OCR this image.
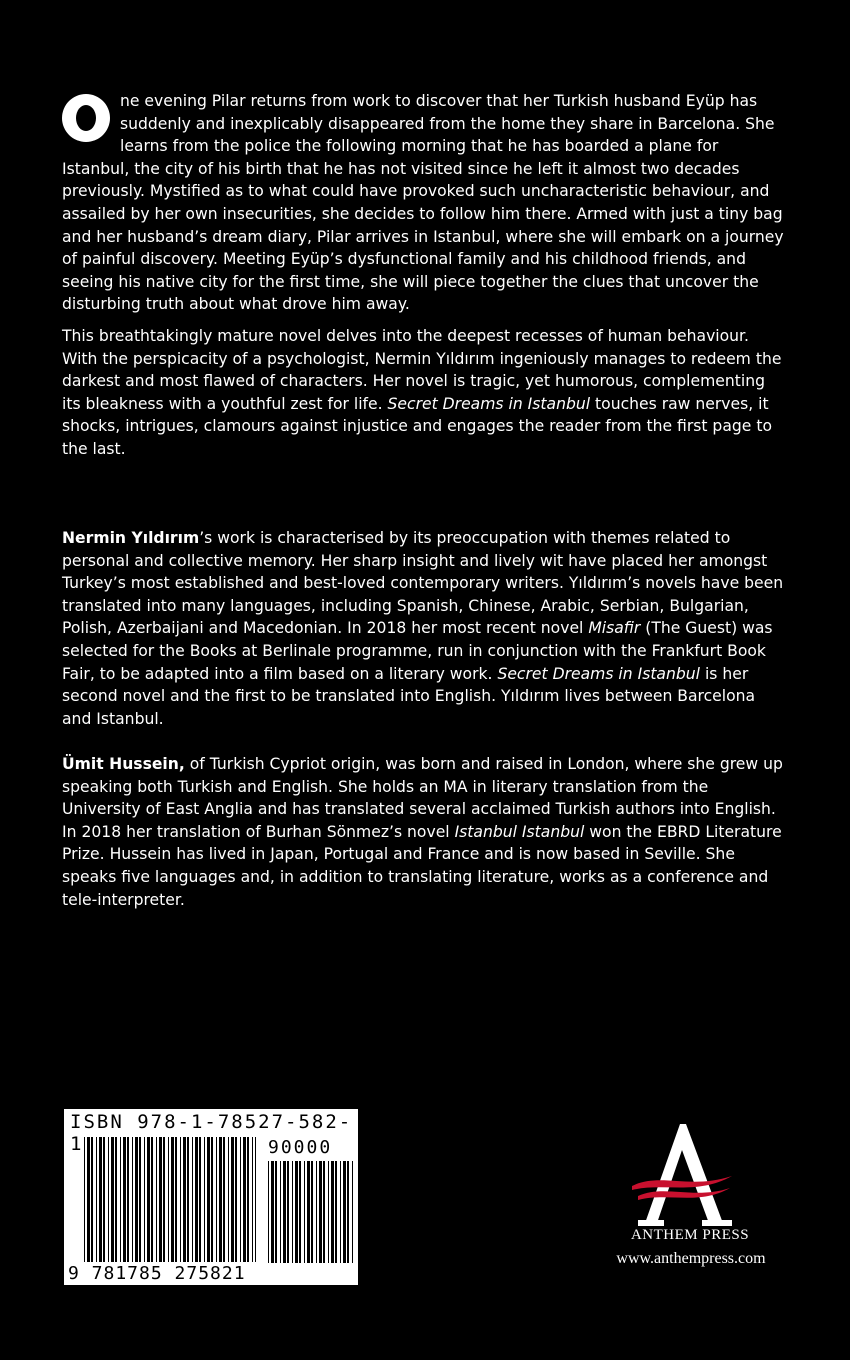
ne evening Pilar returns from work to discover that her Turkish husband Eyüp has suddenly and inexplicably disappeared from the home they share in Barcelona. She learns from the police the following morning that he has boarded a plane for Istanbul, the city of his birth that he has not visited since he left it almost two decades previously. Mystified as to what could have provoked such uncharacteristic behaviour, and assailed by her own insecurities, she decides to follow him there. Armed with just a tiny bag and her husband’s dream diary, Pilar arrives in Istanbul, where she will embark on a journey of painful discovery. Meeting Eyüp’s dysfunctional family and his childhood friends, and seeing his native city for the first time, she will piece together the clues that uncover the disturbing truth about what drove him away.

This breathtakingly mature novel delves into the deepest recesses of human behaviour. With the perspicacity of a psychologist, Nermin Yıldırım ingeniously manages to redeem the darkest and most flawed of characters. Her novel is tragic, yet humorous, complementing its bleakness with a youthful zest for life. Secret Dreams in Istanbul touches raw nerves, it shocks, intrigues, clamours against injustice and engages the reader from the first page to the last.

Nermin Yıldırım’s work is characterised by its preoccupation with themes related to personal and collective memory. Her sharp insight and lively wit have placed her amongst Turkey’s most established and best-loved contemporary writers. Yıldırım’s novels have been translated into many languages, including Spanish, Chinese, Arabic, Serbian, Bulgarian, Polish, Azerbaijani and Macedonian. In 2018 her most recent novel Misafir (The Guest) was selected for the Books at Berlinale programme, run in conjunction with the Frankfurt Book Fair, to be adapted into a film based on a literary work. Secret Dreams in Istanbul is her second novel and the first to be translated into English. Yıldırım lives between Barcelona and Istanbul.

Ümit Hussein, of Turkish Cypriot origin, was born and raised in London, where she grew up speaking both Turkish and English. She holds an MA in literary translation from the University of East Anglia and has translated several acclaimed Turkish authors into English. In 2018 her translation of Burhan Sönmez’s novel Istanbul Istanbul won the EBRD Literature Prize. Hussein has lived in Japan, Portugal and France and is now based in Seville. She speaks five languages and, in addition to translating literature, works as a conference and tele-interpreter.

ISBN 978-1-78527-582-1	90000
9 781785 275821
ANTHEM PRESS
www.anthempress.com
